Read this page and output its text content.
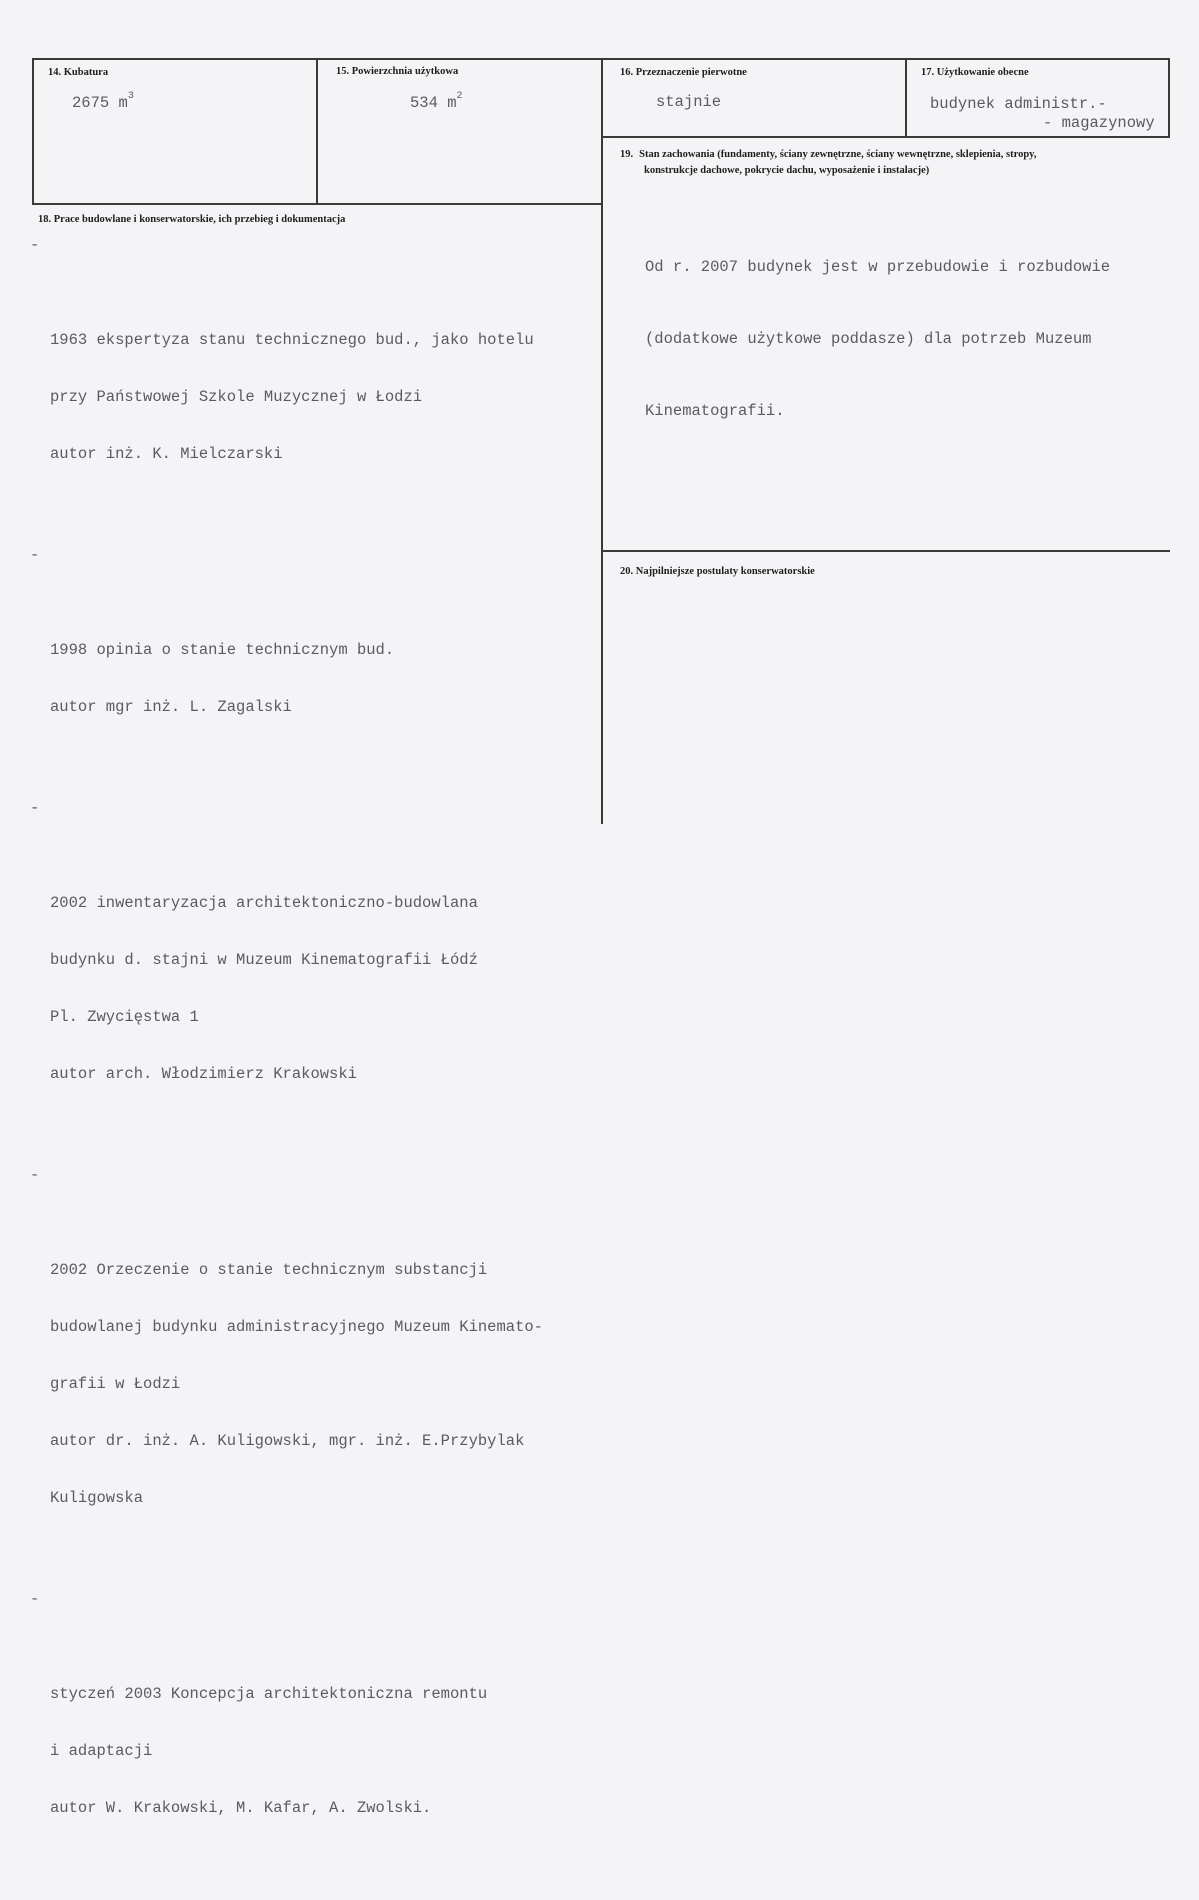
14. Kubatura
2675 $m^3$
15. Powierzchnia użytkowa
534 $m^2$
16. Przeznaczenie pierwotne
stajnie
17. Użytkowanie obecne
budynek administr.-
- magazynowy
19. Stan zachowania (fundamenty, ściany zewnętrzne, ściany wewnętrzne, sklepienia, stropy,
konstrukcje dachowe, pokrycie dachu, wyposażenie i instalacje)

Od r. 2007 budynek jest w przebudowie i rozbudowie

(dodatkowe użytkowe poddasze) dla potrzeb Muzeum

Kinematografii.

18. Prace budowlane i konserwatorskie, ich przebieg i dokumentacja

-

1963 ekspertyza stanu technicznego bud., jako hotelu

przy Państwowej Szkole Muzycznej w Łodzi

autor inż. K. Mielczarski

-

1998 opinia o stanie technicznym bud.

autor mgr inż. L. Zagalski

-

2002 inwentaryzacja architektoniczno-budowlana

budynku d. stajni w Muzeum Kinematografii Łódź

Pl. Zwycięstwa 1

autor arch. Włodzimierz Krakowski

-

2002 Orzeczenie o stanie technicznym substancji

budowlanej budynku administracyjnego Muzeum Kinemato-

grafii w Łodzi

autor dr. inż. A. Kuligowski, mgr. inż. E.Przybylak

Kuligowska

-

styczeń 2003 Koncepcja architektoniczna remontu

i adaptacji

autor W. Krakowski, M. Kafar, A. Zwolski.

20. Najpilniejsze postulaty konserwatorskie
